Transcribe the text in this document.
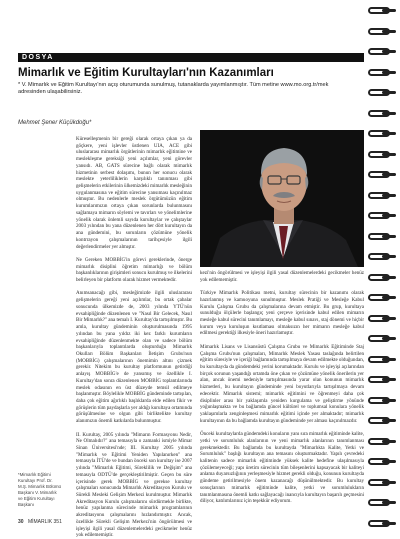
DOSYA
Mimarlık ve Eğitim Kurultayları'nın Kazanımları
* V. Mimarlık ve Eğitim Kurultayı'nın açış oturumunda sunulmuş, tutanaklarda yayımlanmıştır. Tüm metine www.mo.org.tr/mek adresinden ulaşabilirsiniz.
Mehmet Şener Küçükdoğu*

Küreselleşmenin bir gereği olarak ortaya çıkan ya da göçkere, yeni işlevler üstlenen UIA, ACE gibi uluslararası mimarlık örgütlerinin mimarlık eğitimine ve meslekleşme gereksiği yeni açılımlar, yeni görevler yansıdı. AB, GATS sürecine bağlı olarak mimarlık hizmetinin serbest dolaşımı, bunun her sonucu olarak meslekte yeterliliklerin karşılıklı tanınması gibi gelişmelerin etkilerinin ülkemizdeki mimarlık mesleğinin uygulanmasına ve eğitim sürecine yansıması kaçınılmaz olmuştur. Bu nedenlerle meslek örgütümüzün eğitim kurumlarımızın ortaya çıkan sorunlarda bulunmasını sağlamaya mimarın söylemi ve tavırları ve yönelimlerine yönelik olarak önlemli sayıda kurultaylar ve çalıştaylar 2003 yılından bu yana düzenlenen her dört kurultayın da ana gündemini, bu sorunların çözümüne yönelik kontrrayon çalışmalarının tarihçesiyle ilgili değerlendirmeler yer almıştır.

Ne Gereken MOBBİG'in görevi gereklerinde, önerge mimarlık disiplini öğretim mimarlığı ve bölüm başkanlıklarının girişimleri sonucu kurulmuş ve ilkelerini belirleyen bir platform olarak hizmet vermektedir.

Anımsanacağı gibi, mesleğimizde ilgili uluslararası gelişmelerin gereği yeni açılımlar, bu ortak çabalar sonucunda ülkemizde de, 2003 yılında YTÜ'nün evsahipliğinde düzenlenen ve "Nasıl Bir Gelecek, Nasıl Bir Mimarlık?" ana temalı I. Kurultay'da tartışılmıştır. Bu amla, kurultay gündeminin oluşturulmasında 1995 yılından bu yana yıldız iki kez farklı kurumların evsahipliğinde düzenlenmekte olan ve sadece bölüm başkanlarıyla toplantılarda oluşturduğu Mimarlık Okulları Bölüm Başkanları İletişim Grubu'nun (MOBBİG) çalışmalarının önemimin altını çizmek gerekir. Nitekim bu kurultay platformunun getirdiği anlayış MOBBİG'e de yansımış ve özellikle I. Kurultay'dan sonra düzenlenen MOBBİG toplantılarında meslek odasının en üst düzeyde temsil edilmeye başlanmıştır. Böylelikle MOBBİG gündeminde tartışılan, daha çok eğitim ağırlıklı başlıklarda elde edilen fikir ve görüşlerin tüm paydaşlarla yer aldığı kurultaya ortamında görüşülmesine ve olgun gibi birliktelikte kurultay alanımızın önemli katkılarda bulunmuştur.

II. Kurultay, 2005 yılında "Mimarın Formasyonu Nedir, Ne Olmalıdır?" ana temasıyla o zamanki ismiyle Mimar Sinan Üniversitesi'nde; III. Kurultay 2005 yılında "Mimarlık ve Eğitimi Yeniden Yapılanırken" ana temasıyla İTÜ'de ve bundan önceki son kurultay ise 2007 yılında "Mimarlık Eğitimi, Süreklilik ve Değişim" ana temasıyla ODTÜ'de gerçekleştirilmiştir. Geçen bu süre içerisinde gerek MOBBİG ve gerekse kurultay çalışmaları sonucunda Mimarlık Akreditasyon Kurulu ve Sürekli Mesleki Gelişim Merkezi kurulmuştur. Mimarlık Akreditasyon Kurulu çalışmalarını sürdürmekle birlikte, henüz yapılanma sürecinde mimarlık programlarının akreditasyonu çalışmalarını hızlandırmıştır. Ancak, özellikle Sürekli Gelişim Merkezi'nin öngörülmesi ve işleyişi ilgili yasal düzenlemelerdeki gecikmeler henüz yok edilememiştir.

kezi'nin öngörülmesi ve işleyişi ilgili yasal düzenlemelerdeki gecikmeler henüz yok edilememiştir.

Türkiye Mimarlık Politikası metni, kurultay sürecinin bir kazanımı olarak hazırlanmış ve kamuoyuna sunulmuştur. Meslek Pratiği ve Mesleğe Kabul Kurulu Çalışma Grubu da çalışmalarına devam etmiştir. Bu grup, kurultaya sunulduğu ölçülerle başlangıç yeni çerçeve içerisinde kabul edilen mimarın mesleğe kabul sürecini tanımlamayı, mesleğe kabul sınavı, staj dönemi ve hiçbir kurum veya kuruluşun kısıtlaması olmaksızın her mimarın mesleğe kabul edilmesi gerektiği ilkesiyle öneri hazırlamıştır.

Mimarlık Lisans ve Lisansüstü Çalışma Grubu ve Mimarlık Eğitiminde Staj Çalışma Grubu'nun çalışmaları, Mimarlık Meslek Yasası taslağında belirtilen eğitim süresiyle ve içeriği bağlamında tartışılmaya devam edilmekte olduğundan, bu kurultayda da gündemdeki yerini korumaktadır. Kurulu ve işleyişi açılarından birçok sorunun yaşandığı ortamda öne çıkan ve çözümüne yönelik önerilerin yer alan, ancak önemi nedeniyle tartışılmasında yarar olan konunun mimarlık hizmetleri, bu kurultayın gündeminde yeni boyutlarıyla tartışılmaya devam edecektir. Mimarlık sistemi; mimarlık eğitimini ve öğrenmeyi daha çok disiplinler arası bir yaklaşımla yeniden kurgulama ve geliştirme yönünde yoğunlaşmakta ve bu bağlamda güncel kültürel ve toplumsal konulara yönelik yaklaşımlarla zenginleşmesi mimarlık eğitimi içinde yer almaktadır; mimarlık kurultayının da bu bağlamda kurultayın gündeminde yer alması kaçınılmazdır.

Önceki kurultaylarda gündemdeki konuların yanı sıra mimarlık eğitiminde kalite, yetki ve sorumluluk alanlarının ve yeni mimarlık alanlarının tanımlanması gerekmektedir. Bu bağlamda bu kurultayda "Mimarlıkta Kalite, Yetki ve Sorumluluk" başlığı kurultayın ana temasını oluşturmaktadır. Yapılı çevredeki kalitenin sadece mimarlık eğitiminde yüksek kalite hedefine ulaşılmasıyla çözülemeyeceği; yapı üretim sürecinin tüm bileşenlerini kapsayacak bir kaliteyi anlama duyarsızlığının yerleşmesiyle hizmet gerekli olduğu, konunun kurultayda gündeme getirilmesiyle önem kazanacağı düşünülmektedir. Bu kurultay sonuçlarının mimarlık eğitiminde kalite, yetki ve sorumlulukların tanımlanmasına önemli katkı sağlayacağı inancıyla kurultayın başarılı geçmesini diliyor, katılımlarınız için teşekkür ediyorum.

*Mimarlık Eğitimi Kurultayı Prof. Dr. M.Ş. Mimarlık Bölümü Başkanı V. Mimarlık ve Eğitim Kurultayı Başkanı
30 MİMARLIK 351
